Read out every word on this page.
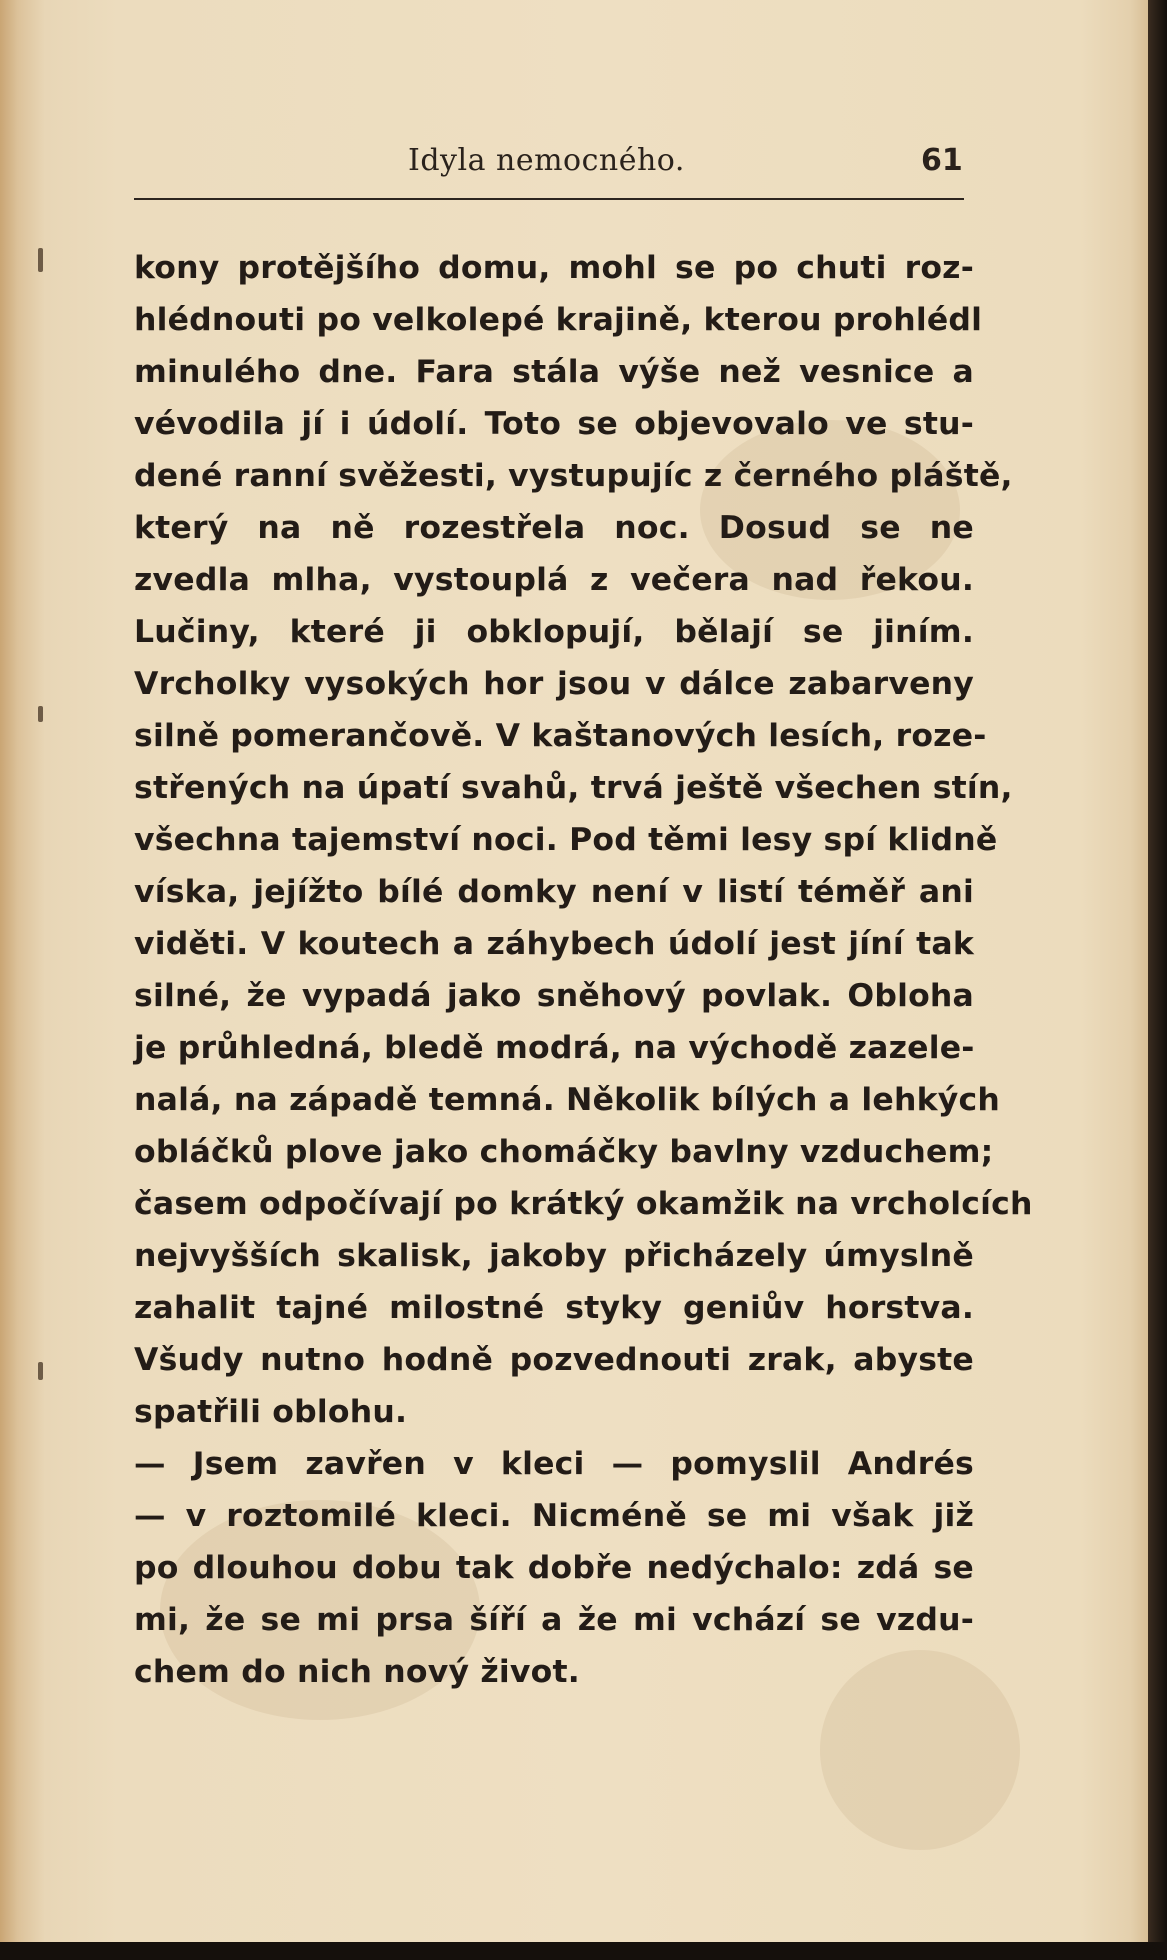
Idyla nemocného.	61
kony protějšího domu, mohl se po chuti roz-
hlédnouti po velkolepé krajině, kterou prohlédl
minulého dne. Fara stála výše než vesnice a
vévodila jí i údolí. Toto se objevovalo ve stu-
dené ranní svěžesti, vystupujíc z černého pláště,
který na ně rozestřela noc. Dosud se ne
zvedla mlha, vystouplá z večera nad řekou.
Lučiny, které ji obklopují, bělají se jiním.
Vrcholky vysokých hor jsou v dálce zabarveny
silně pomerančově. V kaštanových lesích, roze-
střených na úpatí svahů, trvá ještě všechen stín,
všechna tajemství noci. Pod těmi lesy spí klidně
víska, jejížto bílé domky není v listí téměř ani
viděti. V koutech a záhybech údolí jest jíní tak
silné, že vypadá jako sněhový povlak. Obloha
je průhledná, bledě modrá, na východě zazele-
nalá, na západě temná. Několik bílých a lehkých
obláčků plove jako chomáčky bavlny vzduchem;
časem odpočívají po krátký okamžik na vrcholcích
nejvyšších skalisk, jakoby přicházely úmyslně
zahalit tajné milostné styky geniův horstva.
Všudy nutno hodně pozvednouti zrak, abyste
spatřili oblohu.
— Jsem zavřen v kleci — pomyslil Andrés
— v roztomilé kleci. Nicméně se mi však již
po dlouhou dobu tak dobře nedýchalo: zdá se
mi, že se mi prsa šíří a že mi vchází se vzdu-
chem do nich nový život.
